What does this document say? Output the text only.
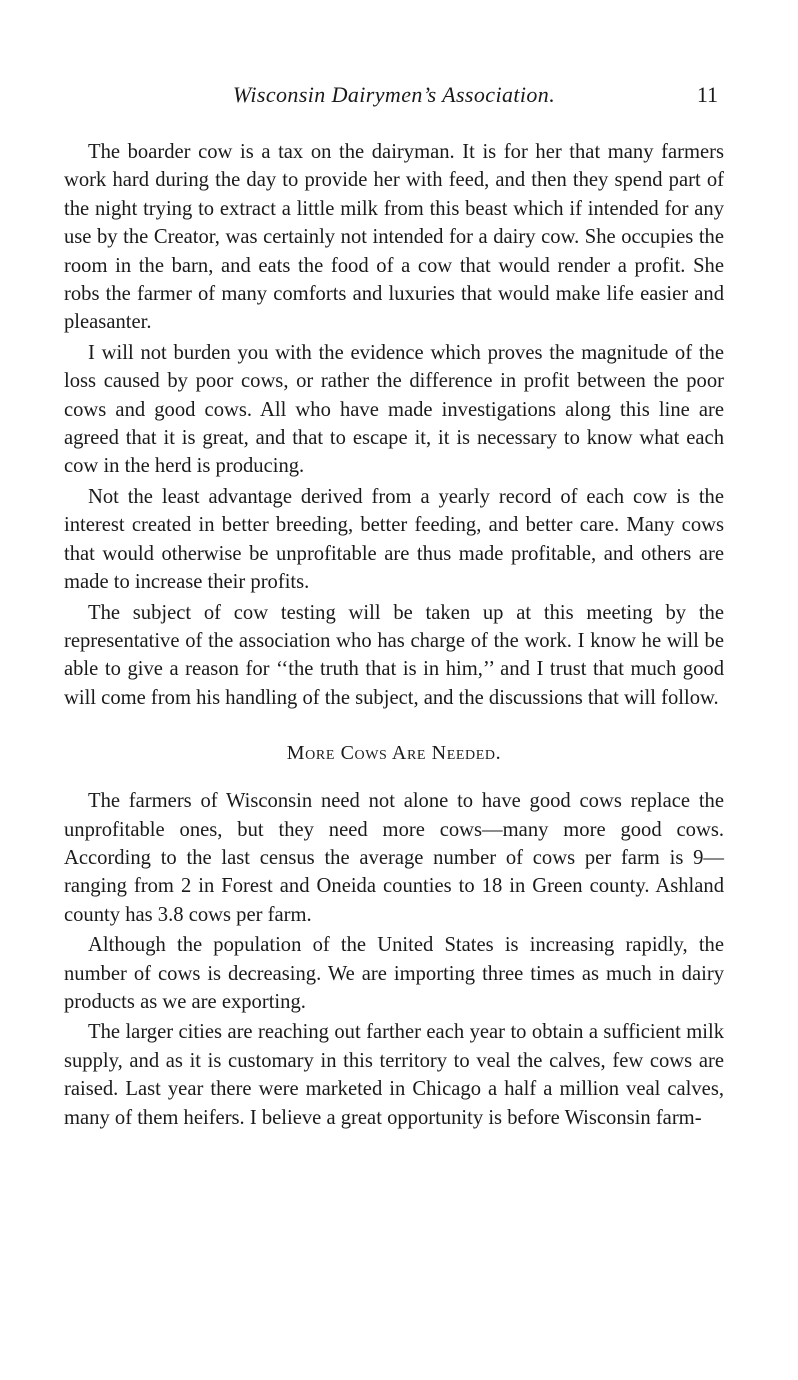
Wisconsin Dairymen’s Association.	11

The boarder cow is a tax on the dairyman. It is for her that many farmers work hard during the day to provide her with feed, and then they spend part of the night trying to extract a little milk from this beast which if intended for any use by the Creator, was certainly not intended for a dairy cow. She occupies the room in the barn, and eats the food of a cow that would render a profit. She robs the farmer of many comforts and luxuries that would make life easier and pleasanter.

I will not burden you with the evidence which proves the magnitude of the loss caused by poor cows, or rather the difference in profit between the poor cows and good cows. All who have made investigations along this line are agreed that it is great, and that to escape it, it is necessary to know what each cow in the herd is producing.

Not the least advantage derived from a yearly record of each cow is the interest created in better breeding, better feeding, and better care. Many cows that would otherwise be unprofitable are thus made profitable, and others are made to increase their profits.

The subject of cow testing will be taken up at this meeting by the representative of the association who has charge of the work. I know he will be able to give a reason for ‘‘the truth that is in him,’’ and I trust that much good will come from his handling of the subject, and the discussions that will follow.

More Cows Are Needed.

The farmers of Wisconsin need not alone to have good cows replace the unprofitable ones, but they need more cows—many more good cows. According to the last census the average number of cows per farm is 9—ranging from 2 in Forest and Oneida counties to 18 in Green county. Ashland county has 3.8 cows per farm.

Although the population of the United States is increasing rapidly, the number of cows is decreasing. We are importing three times as much in dairy products as we are exporting.

The larger cities are reaching out farther each year to obtain a sufficient milk supply, and as it is customary in this territory to veal the calves, few cows are raised. Last year there were marketed in Chicago a half a million veal calves, many of them heifers. I believe a great opportunity is before Wisconsin farm-
